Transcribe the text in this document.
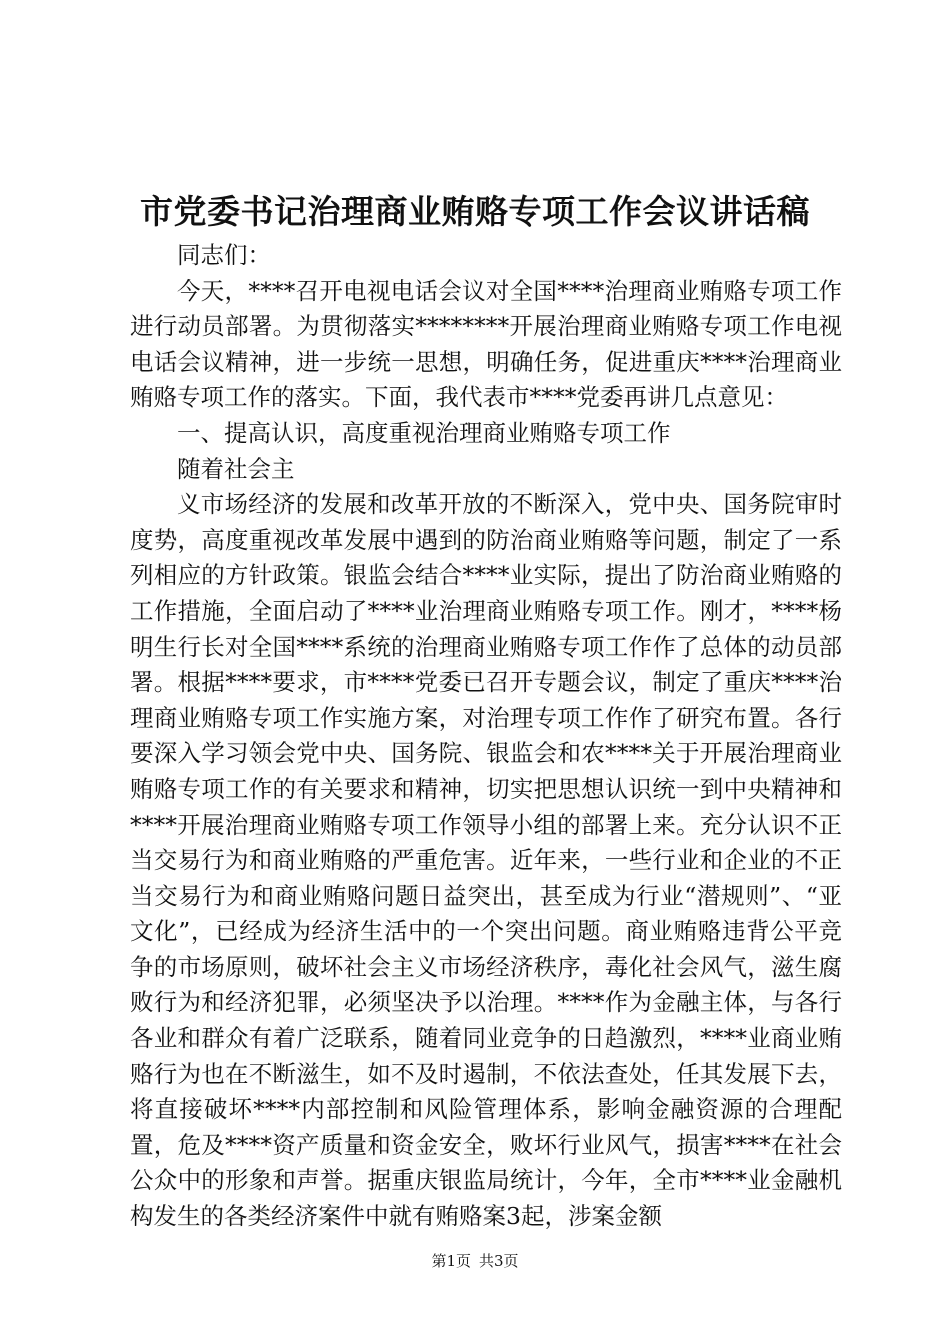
市党委书记治理商业贿赂专项工作会议讲话稿

同志们：

今天，****召开电视电话会议对全国****治理商业贿赂专项工作进行动员部署。为贯彻落实********开展治理商业贿赂专项工作电视电话会议精神，进一步统一思想，明确任务，促进重庆****治理商业贿赂专项工作的落实。下面，我代表市****党委再讲几点意见：

一、提高认识，高度重视治理商业贿赂专项工作

随着社会主

义市场经济的发展和改革开放的不断深入，党中央、国务院审时度势，高度重视改革发展中遇到的防治商业贿赂等问题，制定了一系列相应的方针政策。银监会结合****业实际，提出了防治商业贿赂的工作措施，全面启动了****业治理商业贿赂专项工作。刚才，****杨明生行长对全国****系统的治理商业贿赂专项工作作了总体的动员部署。根据****要求，市****党委已召开专题会议，制定了重庆****治理商业贿赂专项工作实施方案，对治理专项工作作了研究布置。各行要深入学习领会党中央、国务院、银监会和农****关于开展治理商业贿赂专项工作的有关要求和精神，切实把思想认识统一到中央精神和****开展治理商业贿赂专项工作领导小组的部署上来。充分认识不正当交易行为和商业贿赂的严重危害。近年来，一些行业和企业的不正当交易行为和商业贿赂问题日益突出，甚至成为行业“潜规则”、“亚文化”，已经成为经济生活中的一个突出问题。商业贿赂违背公平竞争的市场原则，破坏社会主义市场经济秩序，毒化社会风气，滋生腐败行为和经济犯罪，必须坚决予以治理。****作为金融主体，与各行各业和群众有着广泛联系，随着同业竞争的日趋激烈，****业商业贿赂行为也在不断滋生，如不及时遏制，不依法查处，任其发展下去，将直接破坏****内部控制和风险管理体系，影响金融资源的合理配置，危及****资产质量和资金安全，败坏行业风气，损害****在社会公众中的形象和声誉。据重庆银监局统计，今年，全市****业金融机构发生的各类经济案件中就有贿赂案3起，涉案金额

第1页 共3页
